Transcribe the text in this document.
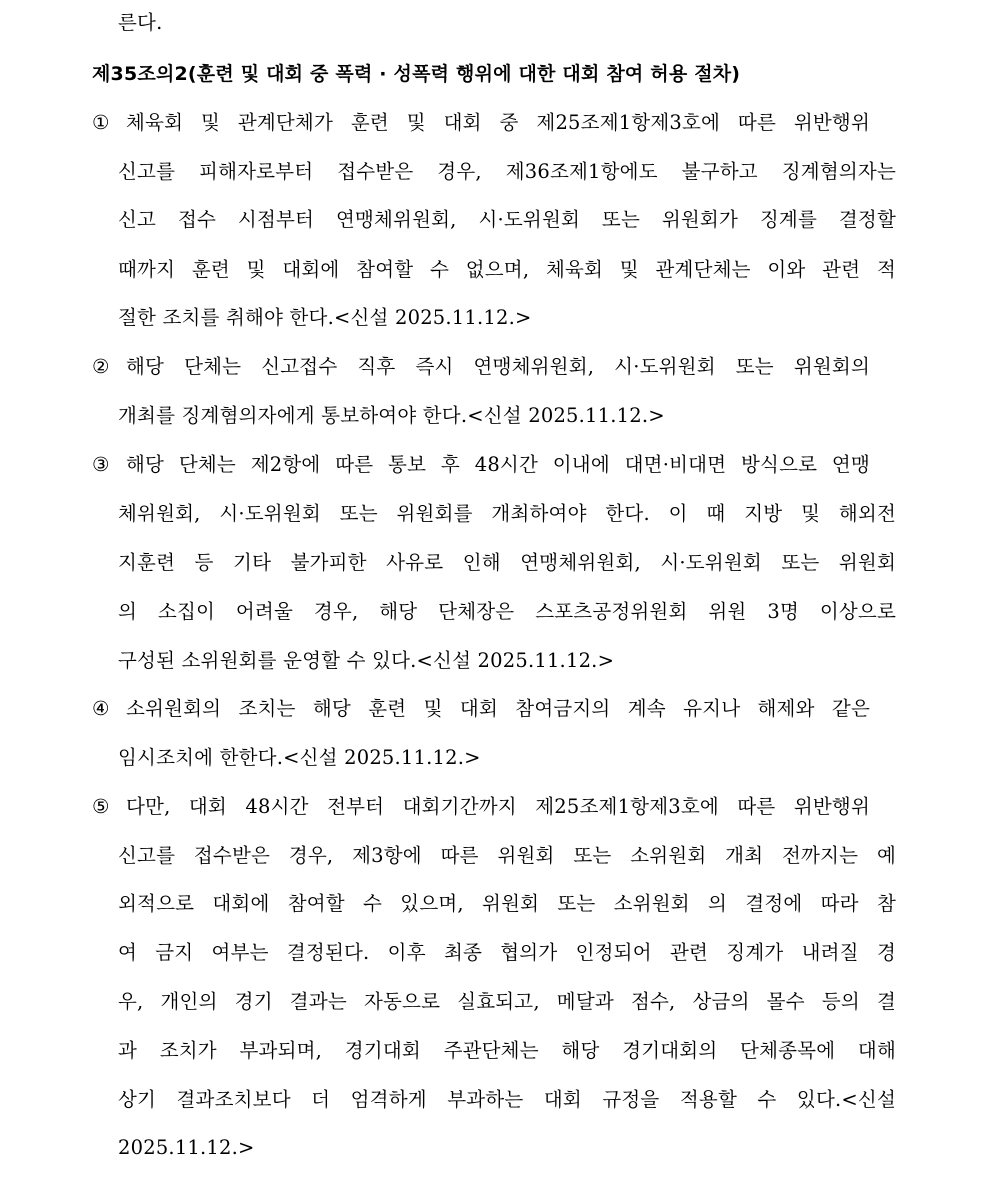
른다.
제35조의2(훈련 및 대회 중 폭력 · 성폭력 행위에 대한 대회 참여 허용 절차)
① 체육회 및 관계단체가 훈련 및 대회 중 제25조제1항제3호에 따른 위반행위
신고를 피해자로부터 접수받은 경우, 제36조제1항에도 불구하고 징계혐의자는
신고 접수 시점부터 연맹체위원회, 시·도위원회 또는 위원회가 징계를 결정할
때까지 훈련 및 대회에 참여할 수 없으며, 체육회 및 관계단체는 이와 관련 적
절한 조치를 취해야 한다.<신설 2025.11.12.>
② 해당 단체는 신고접수 직후 즉시 연맹체위원회, 시·도위원회 또는 위원회의
개최를 징계혐의자에게 통보하여야 한다.<신설 2025.11.12.>
③ 해당 단체는 제2항에 따른 통보 후 48시간 이내에 대면·비대면 방식으로 연맹
체위원회, 시·도위원회 또는 위원회를 개최하여야 한다. 이 때 지방 및 해외전
지훈련 등 기타 불가피한 사유로 인해 연맹체위원회, 시·도위원회 또는 위원회
의 소집이 어려울 경우, 해당 단체장은 스포츠공정위원회 위원 3명 이상으로
구성된 소위원회를 운영할 수 있다.<신설 2025.11.12.>
④ 소위원회의 조치는 해당 훈련 및 대회 참여금지의 계속 유지나 해제와 같은
임시조치에 한한다.<신설 2025.11.12.>
⑤ 다만, 대회 48시간 전부터 대회기간까지 제25조제1항제3호에 따른 위반행위
신고를 접수받은 경우, 제3항에 따른 위원회 또는 소위원회 개최 전까지는 예
외적으로 대회에 참여할 수 있으며, 위원회 또는 소위원회 의 결정에 따라 참
여 금지 여부는 결정된다. 이후 최종 협의가 인정되어 관련 징계가 내려질 경
우, 개인의 경기 결과는 자동으로 실효되고, 메달과 점수, 상금의 몰수 등의 결
과 조치가 부과되며, 경기대회 주관단체는 해당 경기대회의 단체종목에 대해
상기 결과조치보다 더 엄격하게 부과하는 대회 규정을 적용할 수 있다.<신설
2025.11.12.>
